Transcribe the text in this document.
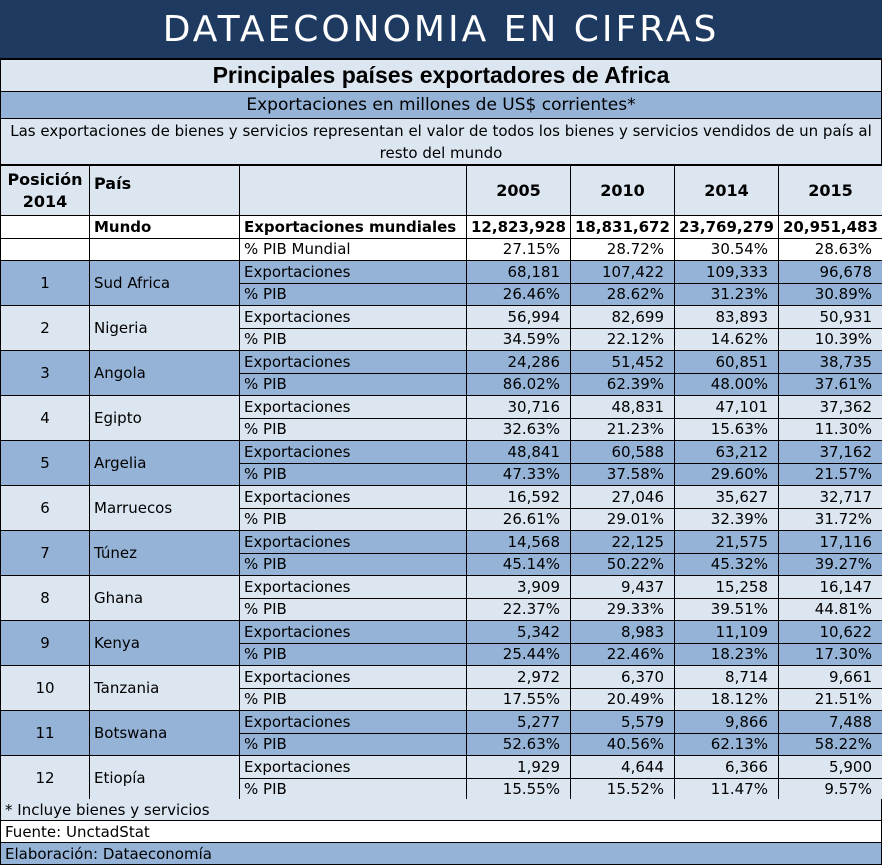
DATAECONOMIA EN CIFRAS
Principales países exportadores de Africa
Exportaciones en millones de US$ corrientes*
Las exportaciones de bienes y servicios representan el valor de todos los bienes y servicios vendidos de un país al resto del mundo
Posición
2014	País		2005	2010	2014	2015
	Mundo	Exportaciones mundiales	12,823,928	18,831,672	23,769,279	20,951,483
		% PIB Mundial	27.15%	28.72%	30.54%	28.63%
1	Sud Africa	Exportaciones	68,181	107,422	109,333	96,678
		% PIB	26.46%	28.62%	31.23%	30.89%
2	Nigeria	Exportaciones	56,994	82,699	83,893	50,931
		% PIB	34.59%	22.12%	14.62%	10.39%
3	Angola	Exportaciones	24,286	51,452	60,851	38,735
		% PIB	86.02%	62.39%	48.00%	37.61%
4	Egipto	Exportaciones	30,716	48,831	47,101	37,362
		% PIB	32.63%	21.23%	15.63%	11.30%
5	Argelia	Exportaciones	48,841	60,588	63,212	37,162
		% PIB	47.33%	37.58%	29.60%	21.57%
6	Marruecos	Exportaciones	16,592	27,046	35,627	32,717
		% PIB	26.61%	29.01%	32.39%	31.72%
7	Túnez	Exportaciones	14,568	22,125	21,575	17,116
		% PIB	45.14%	50.22%	45.32%	39.27%
8	Ghana	Exportaciones	3,909	9,437	15,258	16,147
		% PIB	22.37%	29.33%	39.51%	44.81%
9	Kenya	Exportaciones	5,342	8,983	11,109	10,622
		% PIB	25.44%	22.46%	18.23%	17.30%
10	Tanzania	Exportaciones	2,972	6,370	8,714	9,661
		% PIB	17.55%	20.49%	18.12%	21.51%
11	Botswana	Exportaciones	5,277	5,579	9,866	7,488
		% PIB	52.63%	40.56%	62.13%	58.22%
12	Etiopía	Exportaciones	1,929	4,644	6,366	5,900
		% PIB	15.55%	15.52%	11.47%	9.57%
* Incluye bienes y servicios
Fuente: UnctadStat
Elaboración: Dataeconomía
